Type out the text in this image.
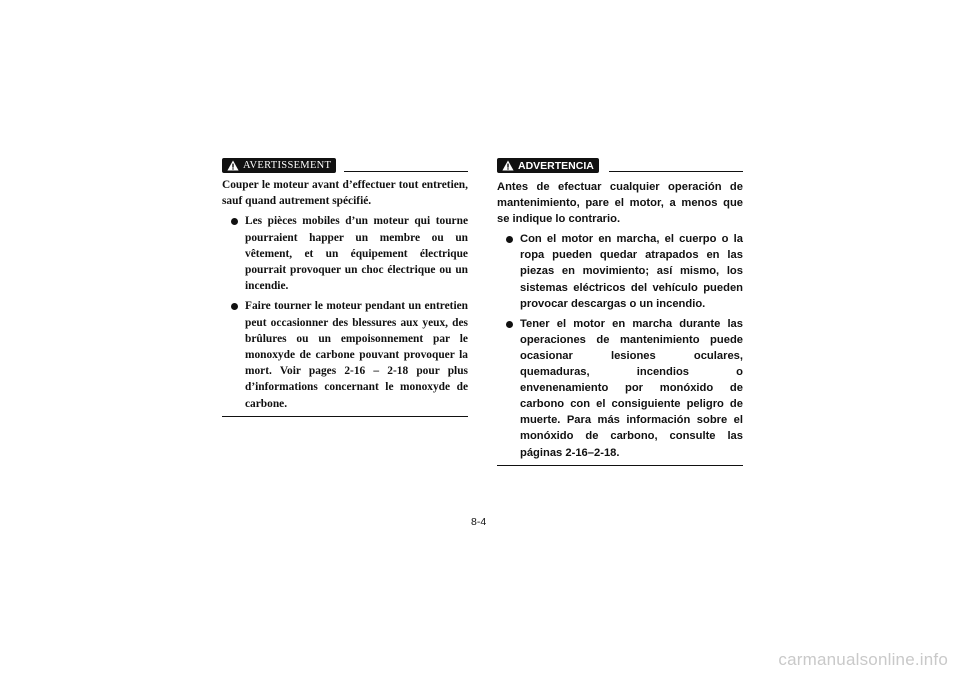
AVERTISSEMENT

Couper le moteur avant d’effectuer tout entretien, sauf quand autrement spécifié.

Les pièces mobiles d’un moteur qui tourne pourraient happer un membre ou un vêtement, et un équipement électrique pourrait provoquer un choc électrique ou un incendie.
Faire tourner le moteur pendant un entretien peut occasionner des blessures aux yeux, des brûlures ou un empoisonnement par le monoxyde de carbone pouvant provoquer la mort. Voir pages 2-16 – 2-18 pour plus d’informations concernant le monoxyde de carbone.
ADVERTENCIA

Antes de efectuar cualquier operación de mantenimiento, pare el motor, a menos que se indique lo contrario.

Con el motor en marcha, el cuerpo o la ropa pueden quedar atrapados en las piezas en movimiento; así mismo, los sistemas eléctricos del vehículo pueden provocar descargas o un incendio.
Tener el motor en marcha durante las operaciones de mantenimiento puede ocasionar lesiones oculares, quemaduras, incendios o envenenamiento por monóxido de carbono con el consiguiente peligro de muerte. Para más información sobre el monóxido de carbono, consulte las páginas 2-16–2-18.
8-4
carmanualsonline.info
